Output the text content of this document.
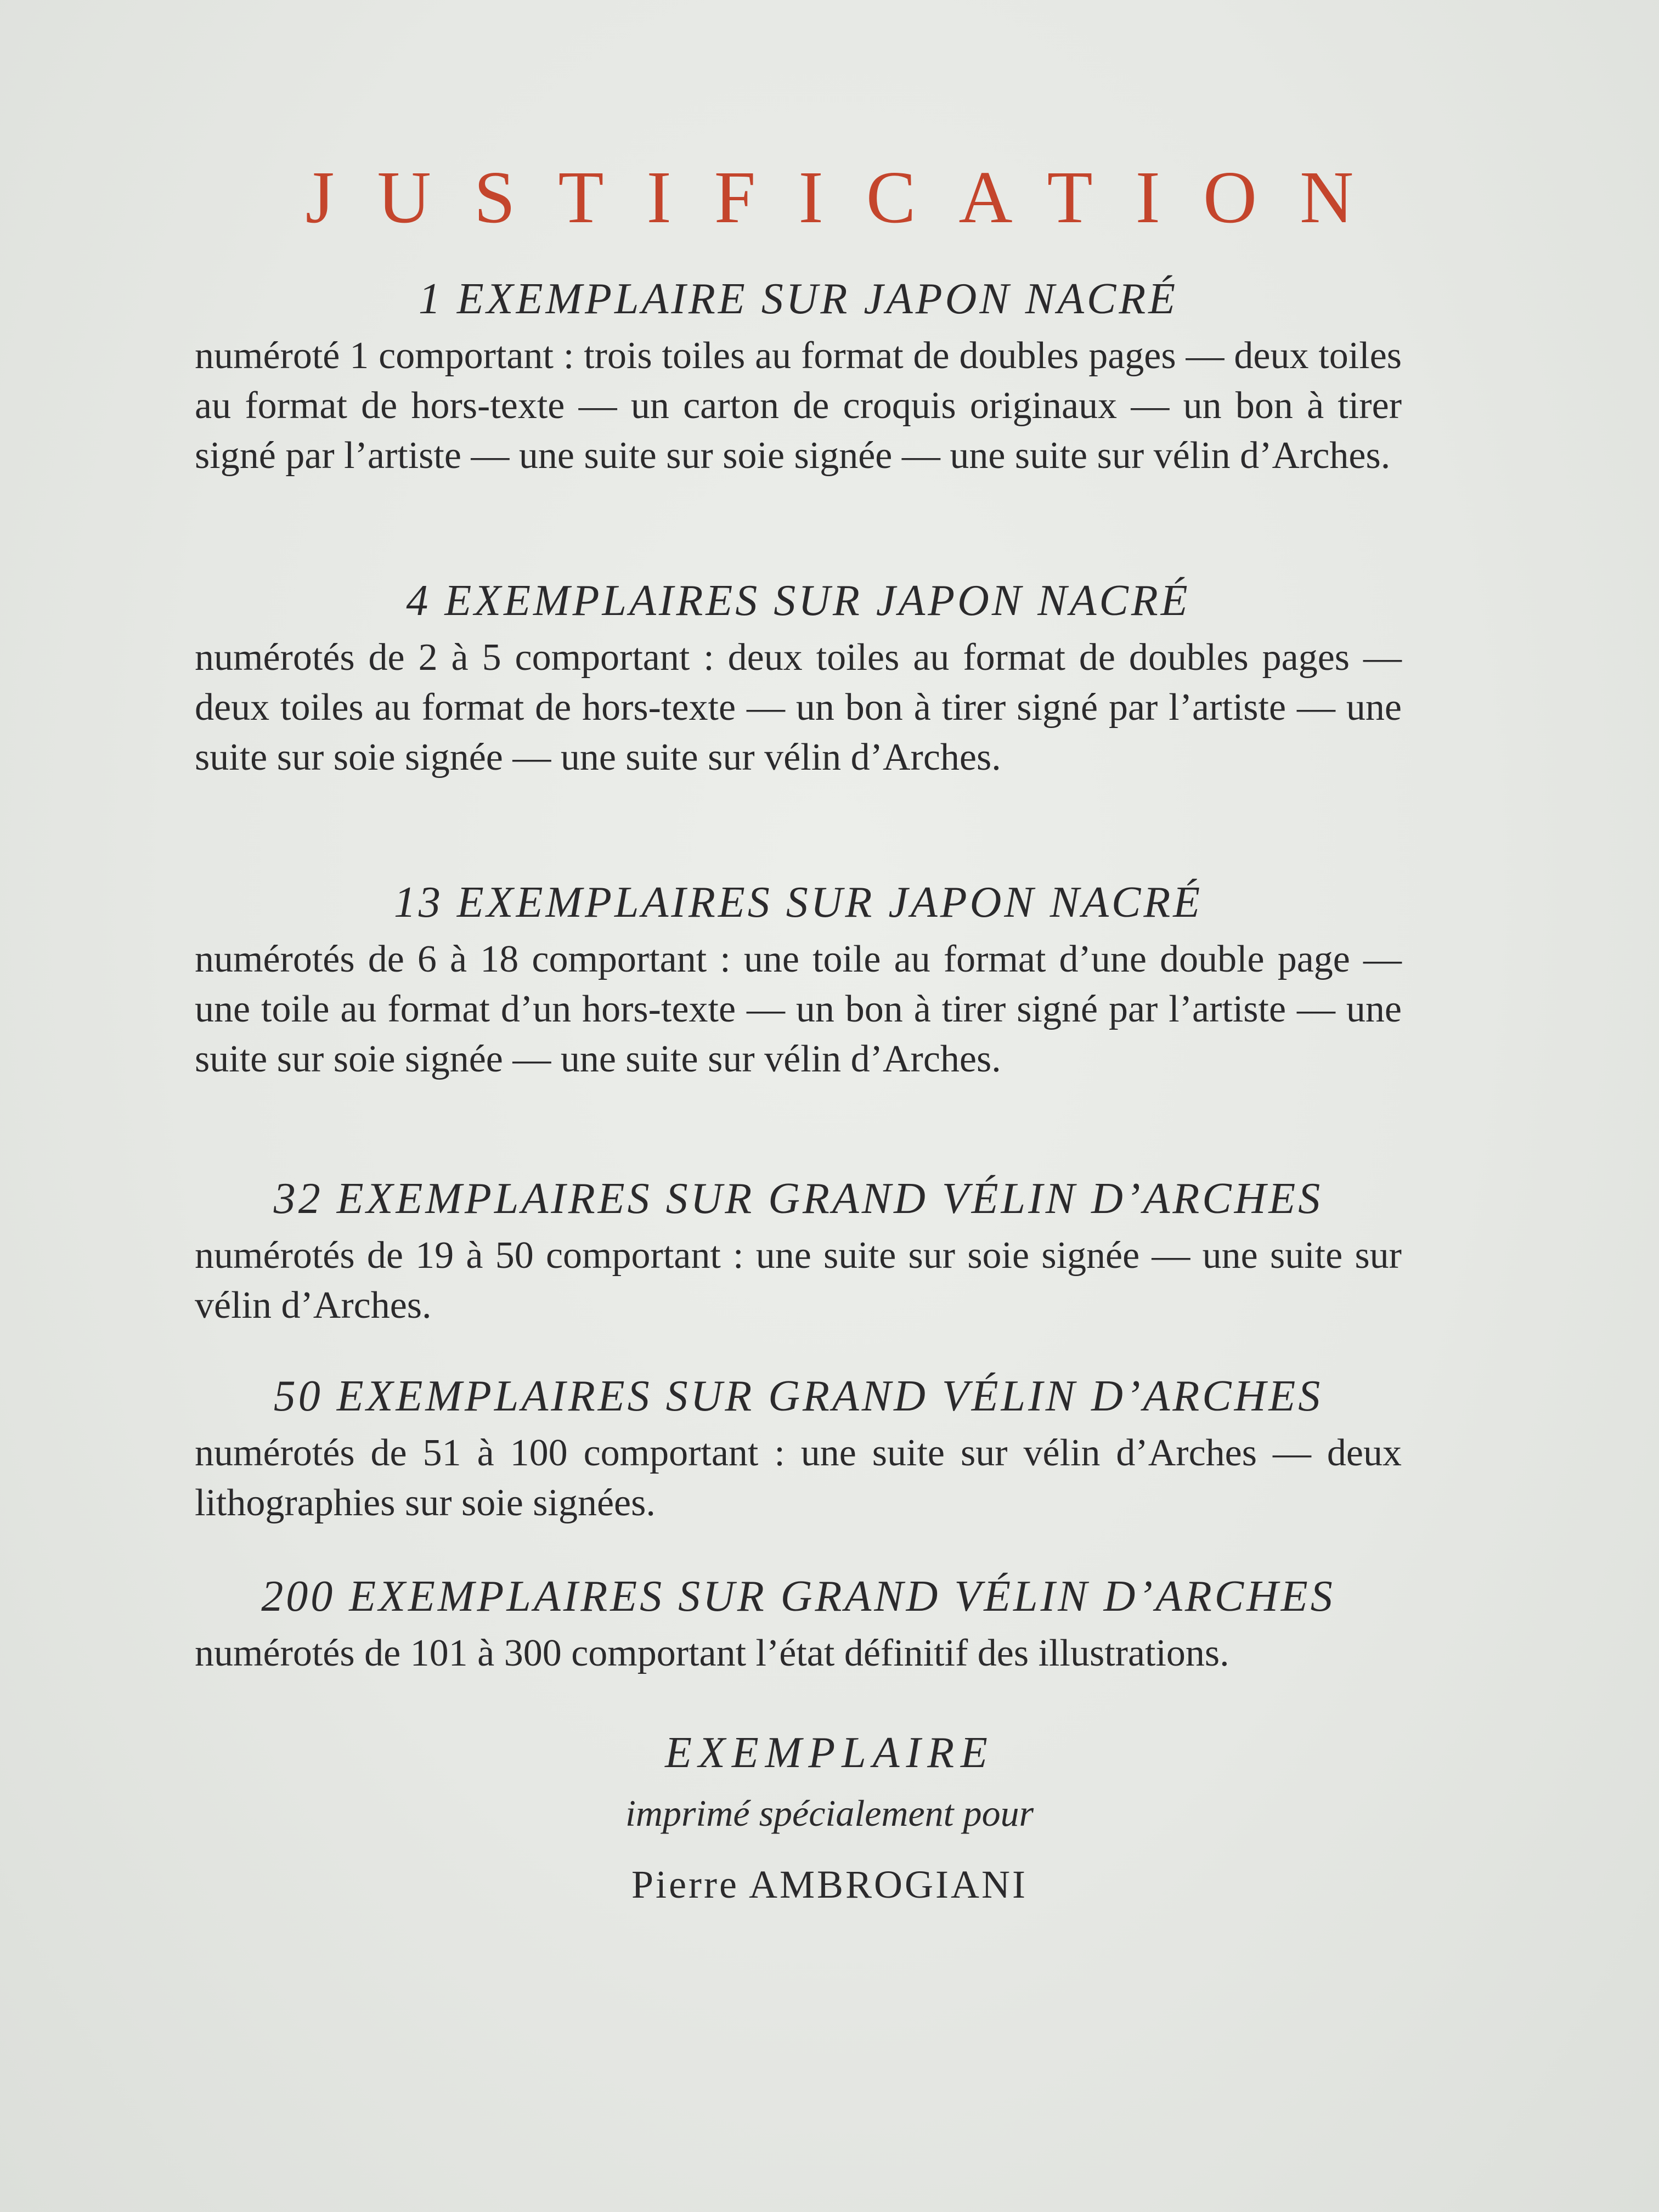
JUSTIFICATION
1 EXEMPLAIRE SUR JAPON NACRÉ

numéroté 1 comportant : trois toiles au format de doubles pages — deux toiles au format de hors-texte — un carton de croquis originaux — un bon à tirer signé par l’artiste — une suite sur soie signée — une suite sur vélin d’Arches.

4 EXEMPLAIRES SUR JAPON NACRÉ

numérotés de 2 à 5 comportant : deux toiles au format de doubles pages — deux toiles au format de hors-texte — un bon à tirer signé par l’artiste — une suite sur soie signée — une suite sur vélin d’Arches.

13 EXEMPLAIRES SUR JAPON NACRÉ

numérotés de 6 à 18 comportant : une toile au format d’une double page — une toile au format d’un hors-texte — un bon à tirer signé par l’artiste — une suite sur soie signée — une suite sur vélin d’Arches.

32 EXEMPLAIRES SUR GRAND VÉLIN D’ARCHES

numérotés de 19 à 50 comportant : une suite sur soie signée — une suite sur vélin d’Arches.

50 EXEMPLAIRES SUR GRAND VÉLIN D’ARCHES

numérotés de 51 à 100 comportant : une suite sur vélin d’Arches — deux lithographies sur soie signées.

200 EXEMPLAIRES SUR GRAND VÉLIN D’ARCHES

numérotés de 101 à 300 comportant l’état définitif des illustrations.

EXEMPLAIRE
imprimé spécialement pour
Pierre AMBROGIANI
